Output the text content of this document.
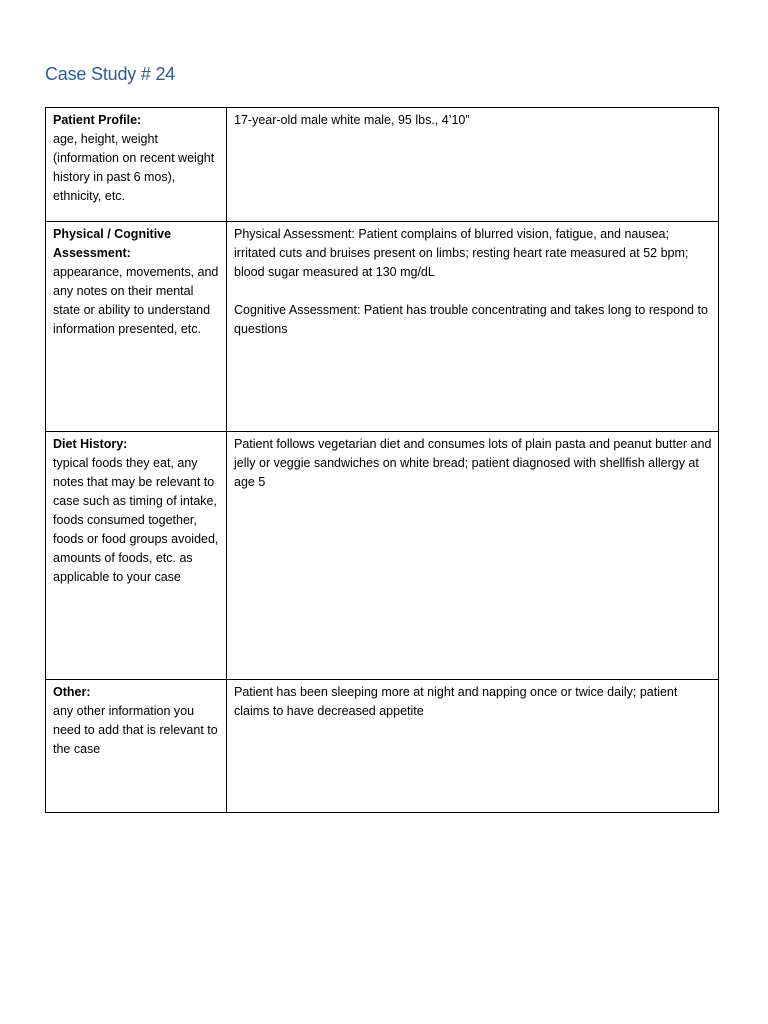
Case Study # 24
Patient Profile:
age, height, weight (information on recent weight history in past 6 mos), ethnicity, etc.	17-year-old male white male, 95 lbs., 4’10”

Physical / Cognitive Assessment:
appearance, movements, and any notes on their mental state or ability to understand information presented, etc.	Physical Assessment: Patient complains of blurred vision, fatigue, and nausea; irritated cuts and bruises present on limbs; resting heart rate measured at 52 bpm; blood sugar measured at 130 mg/dL
Cognitive Assessment: Patient has trouble concentrating and takes long to respond to questions

Diet History:
typical foods they eat, any notes that may be relevant to case such as timing of intake, foods consumed together, foods or food groups avoided, amounts of foods, etc. as applicable to your case	Patient follows vegetarian diet and consumes lots of plain pasta and peanut butter and jelly or veggie sandwiches on white bread; patient diagnosed with shellfish allergy at age 5

Other:
any other information you need to add that is relevant to the case	Patient has been sleeping more at night and napping once or twice daily; patient claims to have decreased appetite
